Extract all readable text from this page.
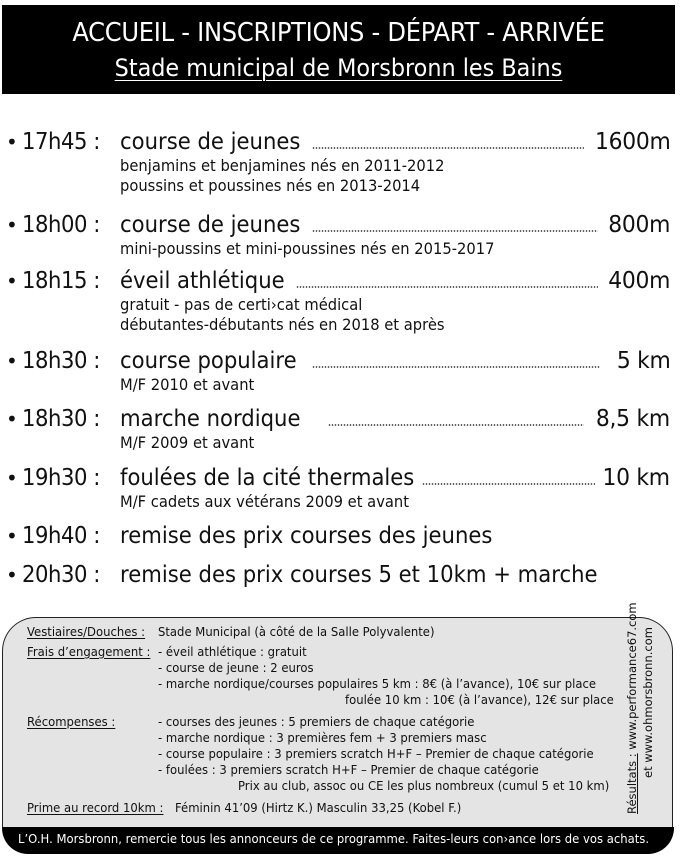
ACCUEIL - INSCRIPTIONS - DÉPART - ARRIVÉE
Stade municipal de Morsbronn les Bains
• 17h45 : course de jeunes	1600m
benjamins et benjamines nés en 2011-2012
poussins et poussines nés en 2013-2014
• 18h00 : course de jeunes	800m
mini-poussins et mini-poussines nés en 2015-2017
• 18h15 : éveil athlétique	400m
gratuit - pas de certi›cat médical
débutantes-débutants nés en 2018 et après
• 18h30 : course populaire	5 km
M/F 2010 et avant
• 18h30 : marche nordique	8,5 km
M/F 2009 et avant
• 19h30 : foulées de la cité thermales	10 km
M/F cadets aux vétérans 2009 et avant
• 19h40 : remise des prix courses des jeunes
• 20h30 : remise des prix courses 5 et 10km + marche
Vestiaires/Douches : Stade Municipal (à côté de la Salle Polyvalente)
Frais d’engagement : - éveil athlétique : gratuit
- course de jeune : 2 euros
- marche nordique/courses populaires 5 km : 8€ (à l’avance), 10€ sur place
foulée 10 km : 10€ (à l’avance), 12€ sur place
Récompenses :	- courses des jeunes : 5 premiers de chaque catégorie
- marche nordique : 3 premières fem + 3 premiers masc
- course populaire : 3 premiers scratch H+F – Premier de chaque catégorie
- foulées : 3 premiers scratch H+F – Premier de chaque catégorie
Prix au club, assoc ou CE les plus nombreux (cumul 5 et 10 km)
Prime au record 10km : Féminin 41’09 (Hirtz K.) Masculin 33,25 (Kobel F.)	Résultats : www.performance67.com et www.ohmorsbronn.com
L’O.H. Morsbronn, remercie tous les annonceurs de ce programme. Faites-leurs con›ance lors de vos achats.
